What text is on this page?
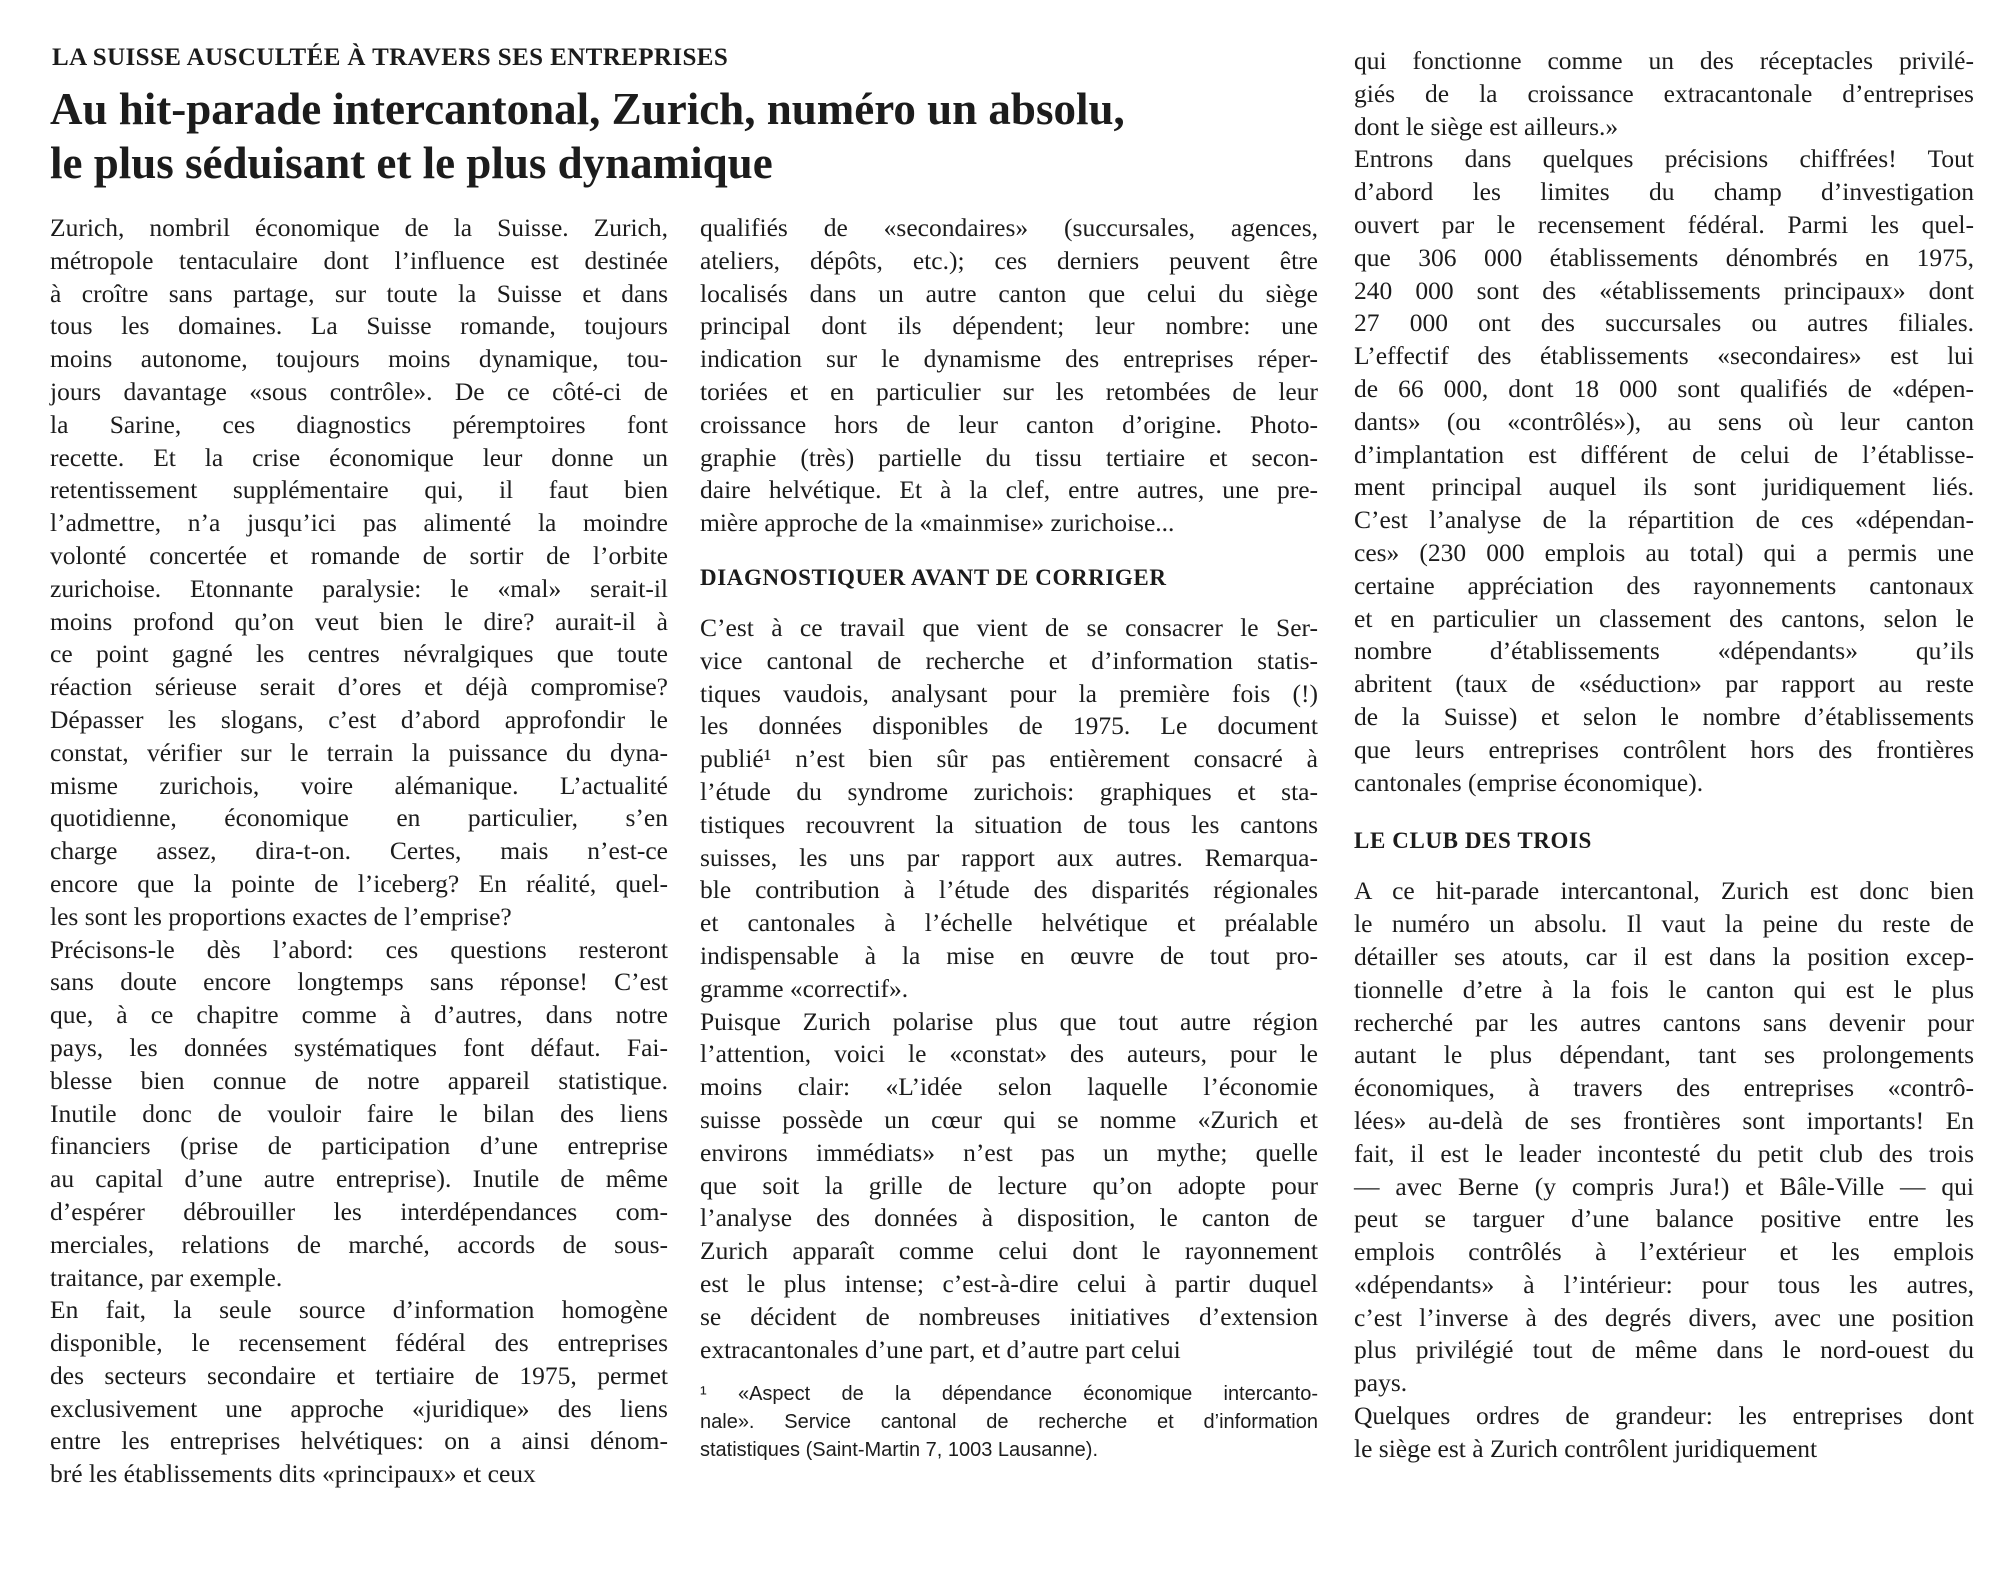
LA SUISSE AUSCULTÉE À TRAVERS SES ENTREPRISES
Au hit-parade intercantonal, Zurich, numéro un absolu,
le plus séduisant et le plus dynamique
Zurich, nombril économique de la Suisse. Zurich,
métropole tentaculaire dont l’influence est destinée
à croître sans partage, sur toute la Suisse et dans
tous les domaines. La Suisse romande, toujours
moins autonome, toujours moins dynamique, tou-
jours davantage «sous contrôle». De ce côté-ci de
la Sarine, ces diagnostics péremptoires font
recette. Et la crise économique leur donne un
retentissement supplémentaire qui, il faut bien
l’admettre, n’a jusqu’ici pas alimenté la moindre
volonté concertée et romande de sortir de l’orbite
zurichoise. Etonnante paralysie: le «mal» serait-il
moins profond qu’on veut bien le dire? aurait-il à
ce point gagné les centres névralgiques que toute
réaction sérieuse serait d’ores et déjà compromise?
Dépasser les slogans, c’est d’abord approfondir le
constat, vérifier sur le terrain la puissance du dyna-
misme zurichois, voire alémanique. L’actualité
quotidienne, économique en particulier, s’en
charge assez, dira-t-on. Certes, mais n’est-ce
encore que la pointe de l’iceberg? En réalité, quel-
les sont les proportions exactes de l’emprise?
Précisons-le dès l’abord: ces questions resteront
sans doute encore longtemps sans réponse! C’est
que, à ce chapitre comme à d’autres, dans notre
pays, les données systématiques font défaut. Fai-
blesse bien connue de notre appareil statistique.
Inutile donc de vouloir faire le bilan des liens
financiers (prise de participation d’une entreprise
au capital d’une autre entreprise). Inutile de même
d’espérer débrouiller les interdépendances com-
merciales, relations de marché, accords de sous-
traitance, par exemple.
En fait, la seule source d’information homogène
disponible, le recensement fédéral des entreprises
des secteurs secondaire et tertiaire de 1975, permet
exclusivement une approche «juridique» des liens
entre les entreprises helvétiques: on a ainsi dénom-
bré les établissements dits «principaux» et ceux
qualifiés de «secondaires» (succursales, agences,
ateliers, dépôts, etc.); ces derniers peuvent être
localisés dans un autre canton que celui du siège
principal dont ils dépendent; leur nombre: une
indication sur le dynamisme des entreprises réper-
toriées et en particulier sur les retombées de leur
croissance hors de leur canton d’origine. Photo-
graphie (très) partielle du tissu tertiaire et secon-
daire helvétique. Et à la clef, entre autres, une pre-
mière approche de la «mainmise» zurichoise...
DIAGNOSTIQUER AVANT DE CORRIGER
C’est à ce travail que vient de se consacrer le Ser-
vice cantonal de recherche et d’information statis-
tiques vaudois, analysant pour la première fois (!)
les données disponibles de 1975. Le document
publié¹ n’est bien sûr pas entièrement consacré à
l’étude du syndrome zurichois: graphiques et sta-
tistiques recouvrent la situation de tous les cantons
suisses, les uns par rapport aux autres. Remarqua-
ble contribution à l’étude des disparités régionales
et cantonales à l’échelle helvétique et préalable
indispensable à la mise en œuvre de tout pro-
gramme «correctif».
Puisque Zurich polarise plus que tout autre région
l’attention, voici le «constat» des auteurs, pour le
moins clair: «L’idée selon laquelle l’économie
suisse possède un cœur qui se nomme «Zurich et
environs immédiats» n’est pas un mythe; quelle
que soit la grille de lecture qu’on adopte pour
l’analyse des données à disposition, le canton de
Zurich apparaît comme celui dont le rayonnement
est le plus intense; c’est-à-dire celui à partir duquel
se décident de nombreuses initiatives d’extension
extracantonales d’une part, et d’autre part celui
¹ «Aspect de la dépendance économique intercanto-
nale». Service cantonal de recherche et d’information
statistiques (Saint-Martin 7, 1003 Lausanne).
qui fonctionne comme un des réceptacles privilé-
giés de la croissance extracantonale d’entreprises
dont le siège est ailleurs.»
Entrons dans quelques précisions chiffrées! Tout
d’abord les limites du champ d’investigation
ouvert par le recensement fédéral. Parmi les quel-
que 306 000 établissements dénombrés en 1975,
240 000 sont des «établissements principaux» dont
27 000 ont des succursales ou autres filiales.
L’effectif des établissements «secondaires» est lui
de 66 000, dont 18 000 sont qualifiés de «dépen-
dants» (ou «contrôlés»), au sens où leur canton
d’implantation est différent de celui de l’établisse-
ment principal auquel ils sont juridiquement liés.
C’est l’analyse de la répartition de ces «dépendan-
ces» (230 000 emplois au total) qui a permis une
certaine appréciation des rayonnements cantonaux
et en particulier un classement des cantons, selon le
nombre d’établissements «dépendants» qu’ils
abritent (taux de «séduction» par rapport au reste
de la Suisse) et selon le nombre d’établissements
que leurs entreprises contrôlent hors des frontières
cantonales (emprise économique).
LE CLUB DES TROIS
A ce hit-parade intercantonal, Zurich est donc bien
le numéro un absolu. Il vaut la peine du reste de
détailler ses atouts, car il est dans la position excep-
tionnelle d’etre à la fois le canton qui est le plus
recherché par les autres cantons sans devenir pour
autant le plus dépendant, tant ses prolongements
économiques, à travers des entreprises «contrô-
lées» au-delà de ses frontières sont importants! En
fait, il est le leader incontesté du petit club des trois
— avec Berne (y compris Jura!) et Bâle-Ville — qui
peut se targuer d’une balance positive entre les
emplois contrôlés à l’extérieur et les emplois
«dépendants» à l’intérieur: pour tous les autres,
c’est l’inverse à des degrés divers, avec une position
plus privilégié tout de même dans le nord-ouest du
pays.
Quelques ordres de grandeur: les entreprises dont
le siège est à Zurich contrôlent juridiquement
